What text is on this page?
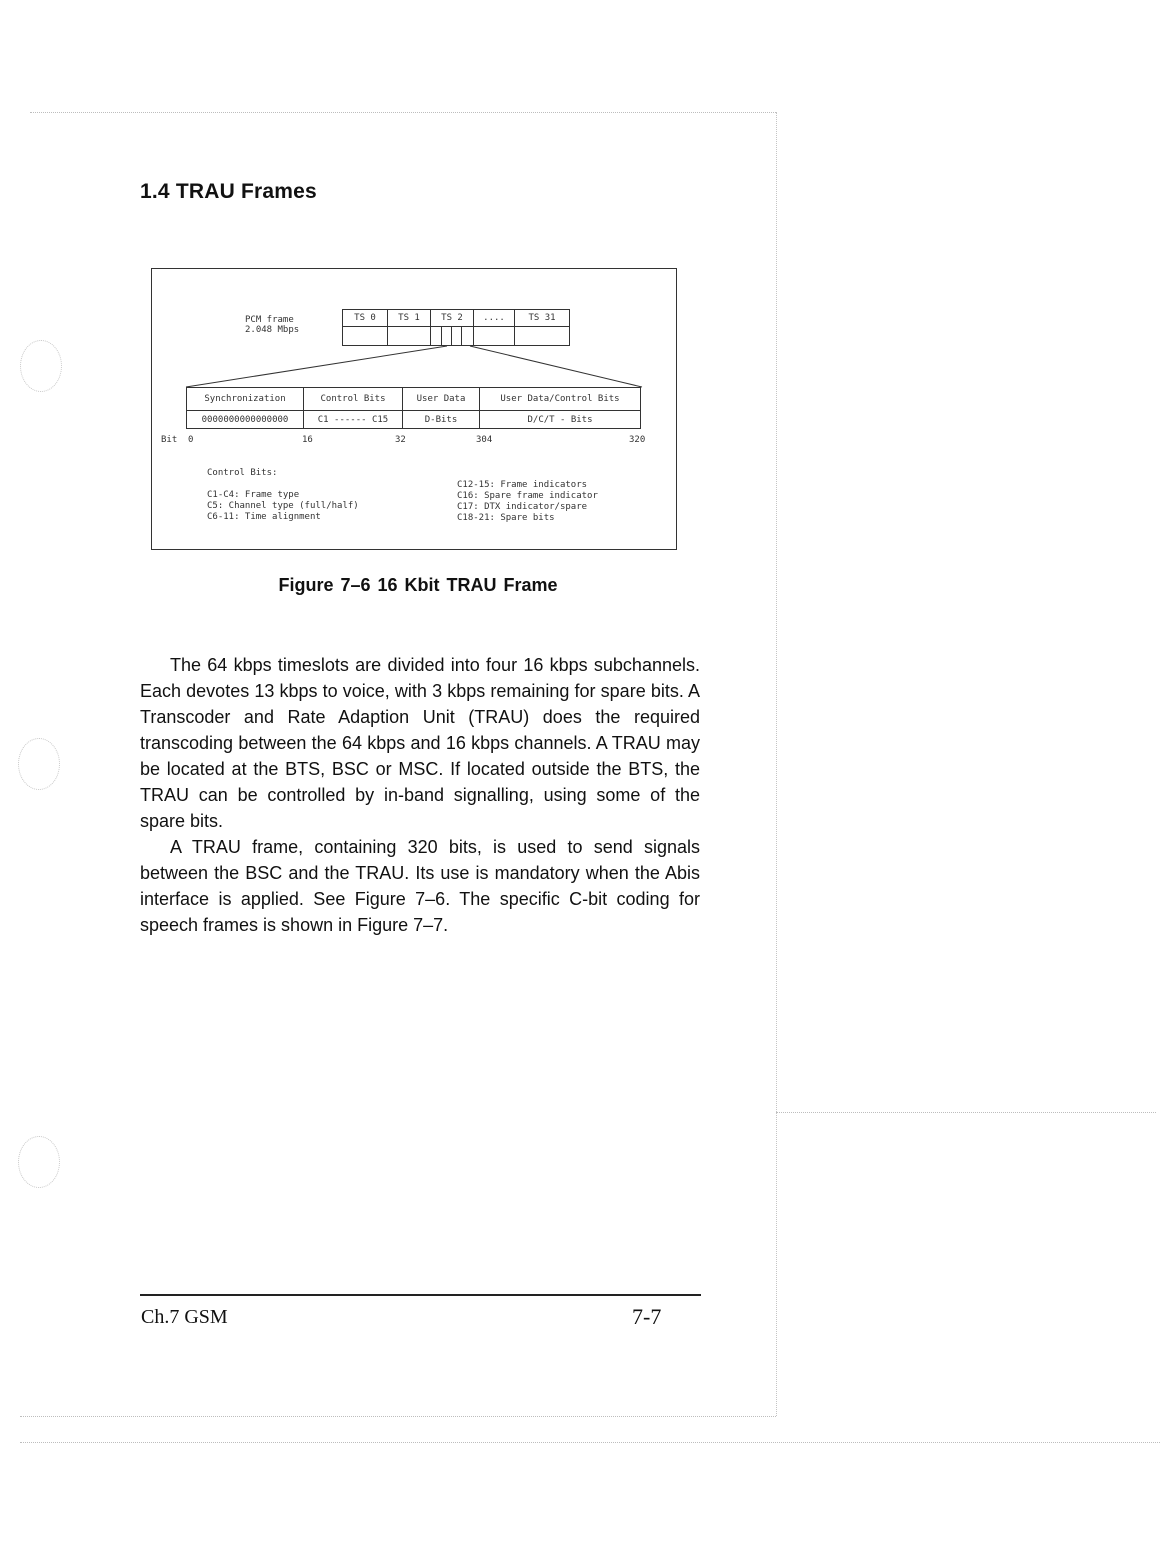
1.4 TRAU Frames
PCM frame
2.048 Mbps
TS 0	TS 1	TS 2	....	TS 31

Synchronization	Control Bits	User Data	User Data/Control Bits
0000000000000000	C1 ------ C15	D-Bits	D/C/T - Bits
Bit 0	16	32	304	320
Control Bits:
C1-C4: Frame type
C5: Channel type (full/half)
C6-11: Time alignment
C12-15: Frame indicators
C16: Spare frame indicator
C17: DTX indicator/spare
C18-21: Spare bits
Figure 7–6 16 Kbit TRAU Frame

The 64 kbps timeslots are divided into four 16 kbps subchannels. Each devotes 13 kbps to voice, with 3 kbps remaining for spare bits. A Transcoder and Rate Adaption Unit (TRAU) does the required transcoding between the 64 kbps and 16 kbps channels. A TRAU may be located at the BTS, BSC or MSC. If located outside the BTS, the TRAU can be controlled by in-band signalling, using some of the spare bits.

A TRAU frame, containing 320 bits, is used to send signals between the BSC and the TRAU. Its use is mandatory when the Abis interface is applied. See Figure 7–6. The specific C-bit coding for speech frames is shown in Figure 7–7.

Ch.7 GSM	7-7
